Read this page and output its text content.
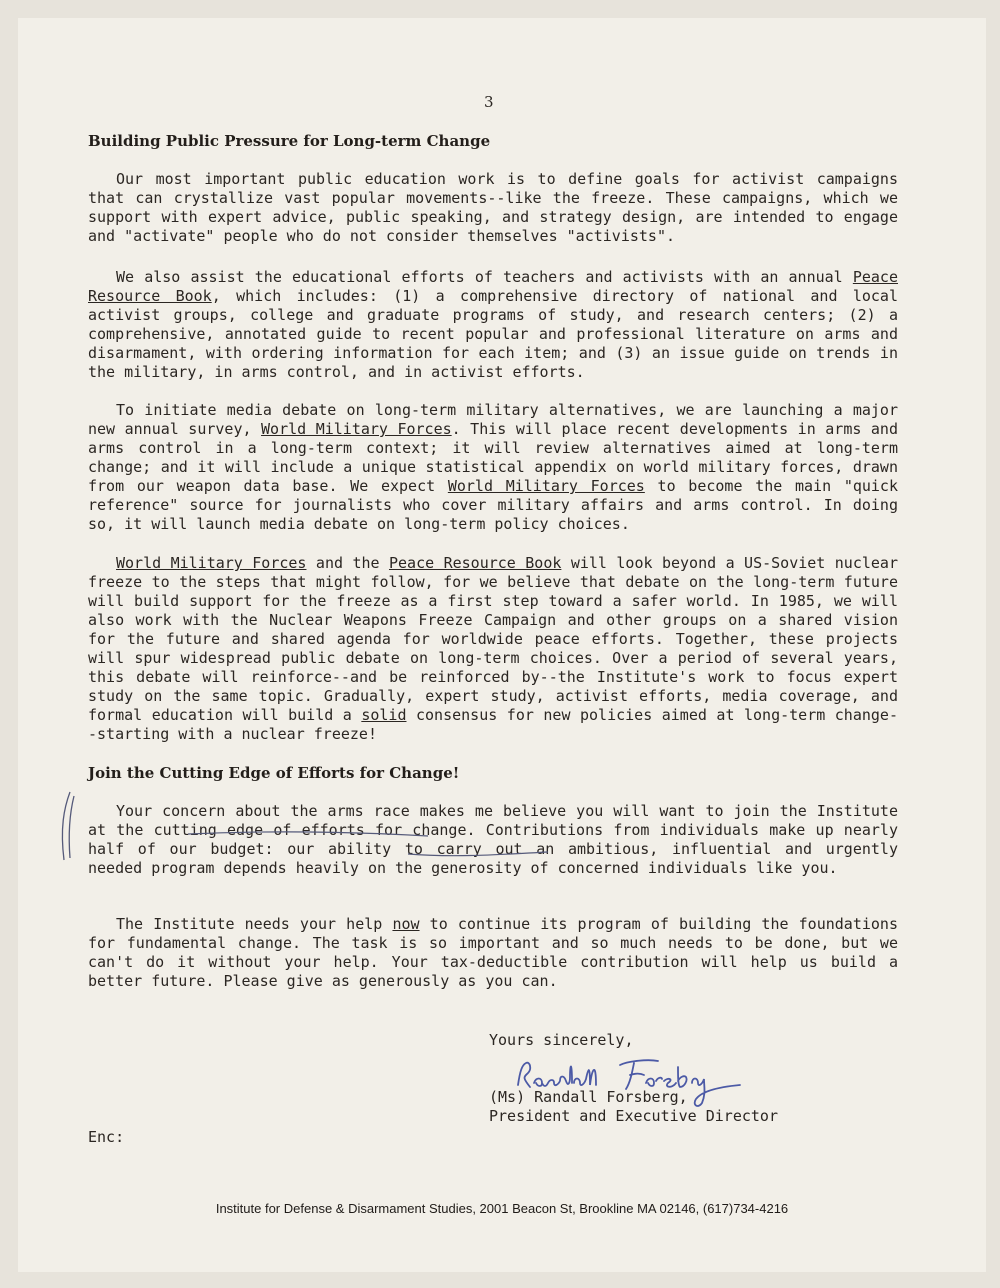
3
Building Public Pressure for Long-term Change

Our most important public education work is to define goals for activist campaigns that can crystallize vast popular movements--like the freeze. These campaigns, which we support with expert advice, public speaking, and strategy design, are intended to engage and "activate" people who do not consider themselves "activists".

We also assist the educational efforts of teachers and activists with an annual Peace Resource Book, which includes: (1) a comprehensive directory of national and local activist groups, college and graduate programs of study, and research centers; (2) a comprehensive, annotated guide to recent popular and professional literature on arms and disarmament, with ordering information for each item; and (3) an issue guide on trends in the military, in arms control, and in activist efforts.

To initiate media debate on long-term military alternatives, we are launching a major new annual survey, World Military Forces. This will place recent developments in arms and arms control in a long-term context; it will review alternatives aimed at long-term change; and it will include a unique statistical appendix on world military forces, drawn from our weapon data base. We expect World Military Forces to become the main "quick reference" source for journalists who cover military affairs and arms control. In doing so, it will launch media debate on long-term policy choices.

World Military Forces and the Peace Resource Book will look beyond a US-Soviet nuclear freeze to the steps that might follow, for we believe that debate on the long-term future will build support for the freeze as a first step toward a safer world. In 1985, we will also work with the Nuclear Weapons Freeze Campaign and other groups on a shared vision for the future and shared agenda for worldwide peace efforts. Together, these projects will spur widespread public debate on long-term choices. Over a period of several years, this debate will reinforce--and be reinforced by--the Institute's work to focus expert study on the same topic. Gradually, expert study, activist efforts, media coverage, and formal education will build a solid consensus for new policies aimed at long-term change--starting with a nuclear freeze!

Join the Cutting Edge of Efforts for Change!

Your concern about the arms race makes me believe you will want to join the Institute at the cutting edge of efforts for change. Contributions from individuals make up nearly half of our budget: our ability to carry out an ambitious, influential and urgently needed program depends heavily on the generosity of concerned individuals like you.

The Institute needs your help now to continue its program of building the foundations for fundamental change. The task is so important and so much needs to be done, but we can't do it without your help. Your tax-deductible contribution will help us build a better future. Please give as generously as you can.

Yours sincerely,
(Ms) Randall Forsberg,
President and Executive Director
Enc:
Institute for Defense & Disarmament Studies, 2001 Beacon St, Brookline MA 02146, (617)734-4216
